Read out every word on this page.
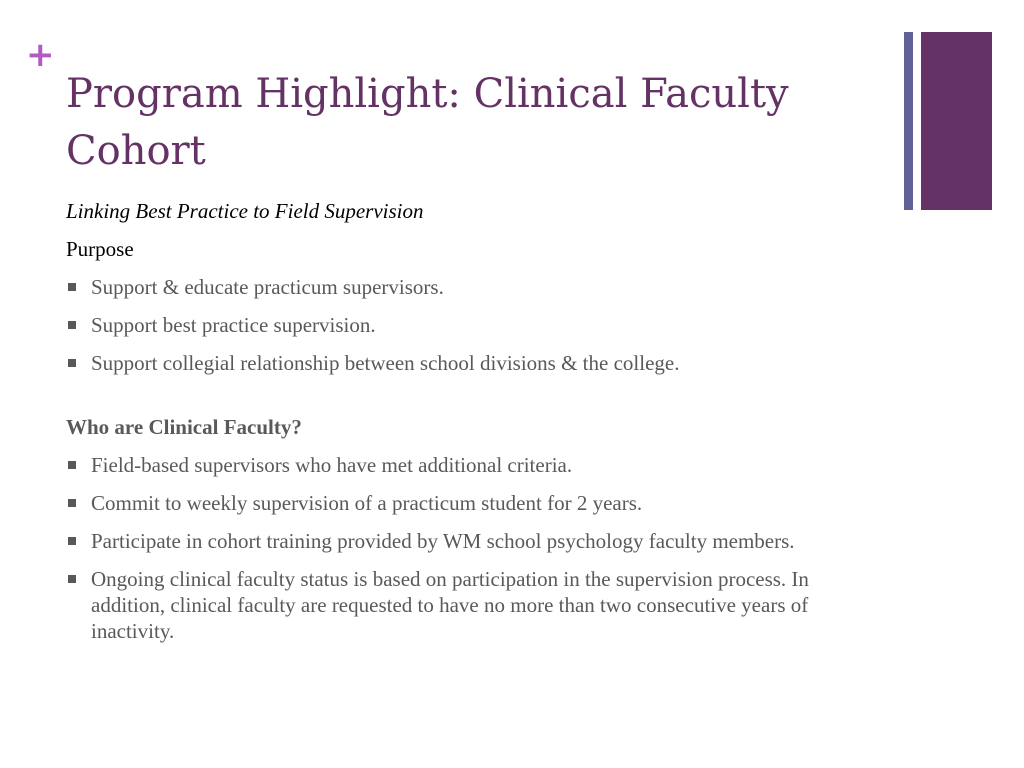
+
Program Highlight: Clinical Faculty Cohort

Linking Best Practice to Field Supervision

Purpose

Support & educate practicum supervisors.
Support best practice supervision.
Support collegial relationship between school divisions & the college.

Who are Clinical Faculty?

Field-based supervisors who have met additional criteria.
Commit to weekly supervision of a practicum student for 2 years.
Participate in cohort training provided by WM school psychology faculty members.
Ongoing clinical faculty status is based on participation in the supervision process. In addition, clinical faculty are requested to have no more than two consecutive years of inactivity.
